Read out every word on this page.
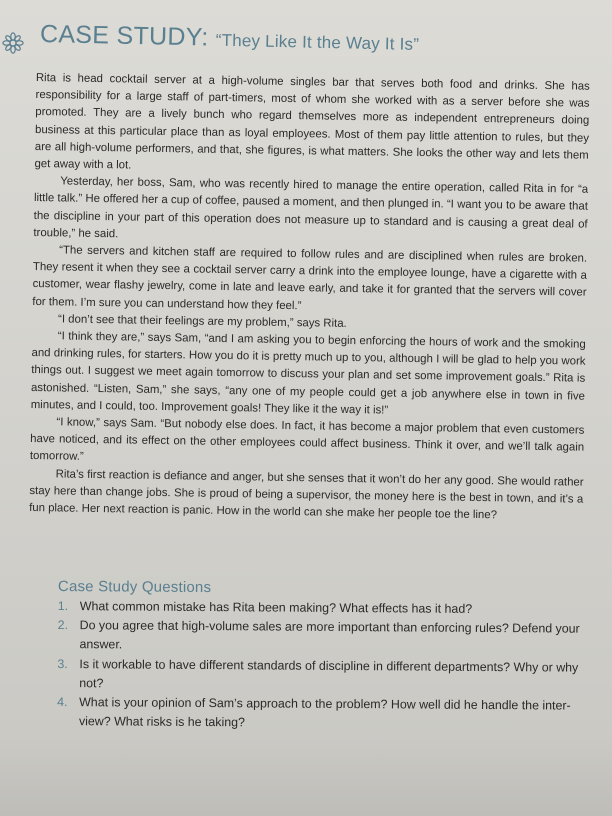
CASE STUDY: “They Like It the Way It Is”

Rita is head cocktail server at a high-volume singles bar that serves both food and drinks. She has responsibility for a large staff of part-timers, most of whom she worked with as a server before she was promoted. They are a lively bunch who regard themselves more as independent entrepreneurs doing business at this particular place than as loyal employees. Most of them pay little attention to rules, but they are all high-volume performers, and that, she figures, is what matters. She looks the other way and lets them get away with a lot.

Yesterday, her boss, Sam, who was recently hired to manage the entire operation, called Rita in for “a little talk.” He offered her a cup of coffee, paused a moment, and then plunged in. “I want you to be aware that the discipline in your part of this operation does not measure up to standard and is causing a great deal of trouble,” he said.

“The servers and kitchen staff are required to follow rules and are disciplined when rules are broken. They resent it when they see a cocktail server carry a drink into the employee lounge, have a cigarette with a customer, wear flashy jewelry, come in late and leave early, and take it for granted that the servers will cover for them. I’m sure you can understand how they feel.”

“I don’t see that their feelings are my problem,” says Rita.

“I think they are,” says Sam, “and I am asking you to begin enforcing the hours of work and the smoking and drinking rules, for starters. How you do it is pretty much up to you, although I will be glad to help you work things out. I suggest we meet again tomorrow to discuss your plan and set some improvement goals.” Rita is astonished. “Listen, Sam,” she says, “any one of my people could get a job anywhere else in town in five minutes, and I could, too. Improvement goals! They like it the way it is!”

“I know,” says Sam. “But nobody else does. In fact, it has become a major problem that even customers have noticed, and its effect on the other employees could affect business. Think it over, and we’ll talk again tomorrow.”

Rita’s first reaction is defiance and anger, but she senses that it won’t do her any good. She would rather stay here than change jobs. She is proud of being a supervisor, the money here is the best in town, and it’s a fun place. Her next reaction is panic. How in the world can she make her people toe the line?

Case Study Questions
1. What common mistake has Rita been making? What effects has it had?
2. Do you agree that high-volume sales are more important than enforcing rules? Defend your answer.
3. Is it workable to have different standards of discipline in different departments? Why or why not?
4. What is your opinion of Sam’s approach to the problem? How well did he handle the inter-view? What risks is he taking?
